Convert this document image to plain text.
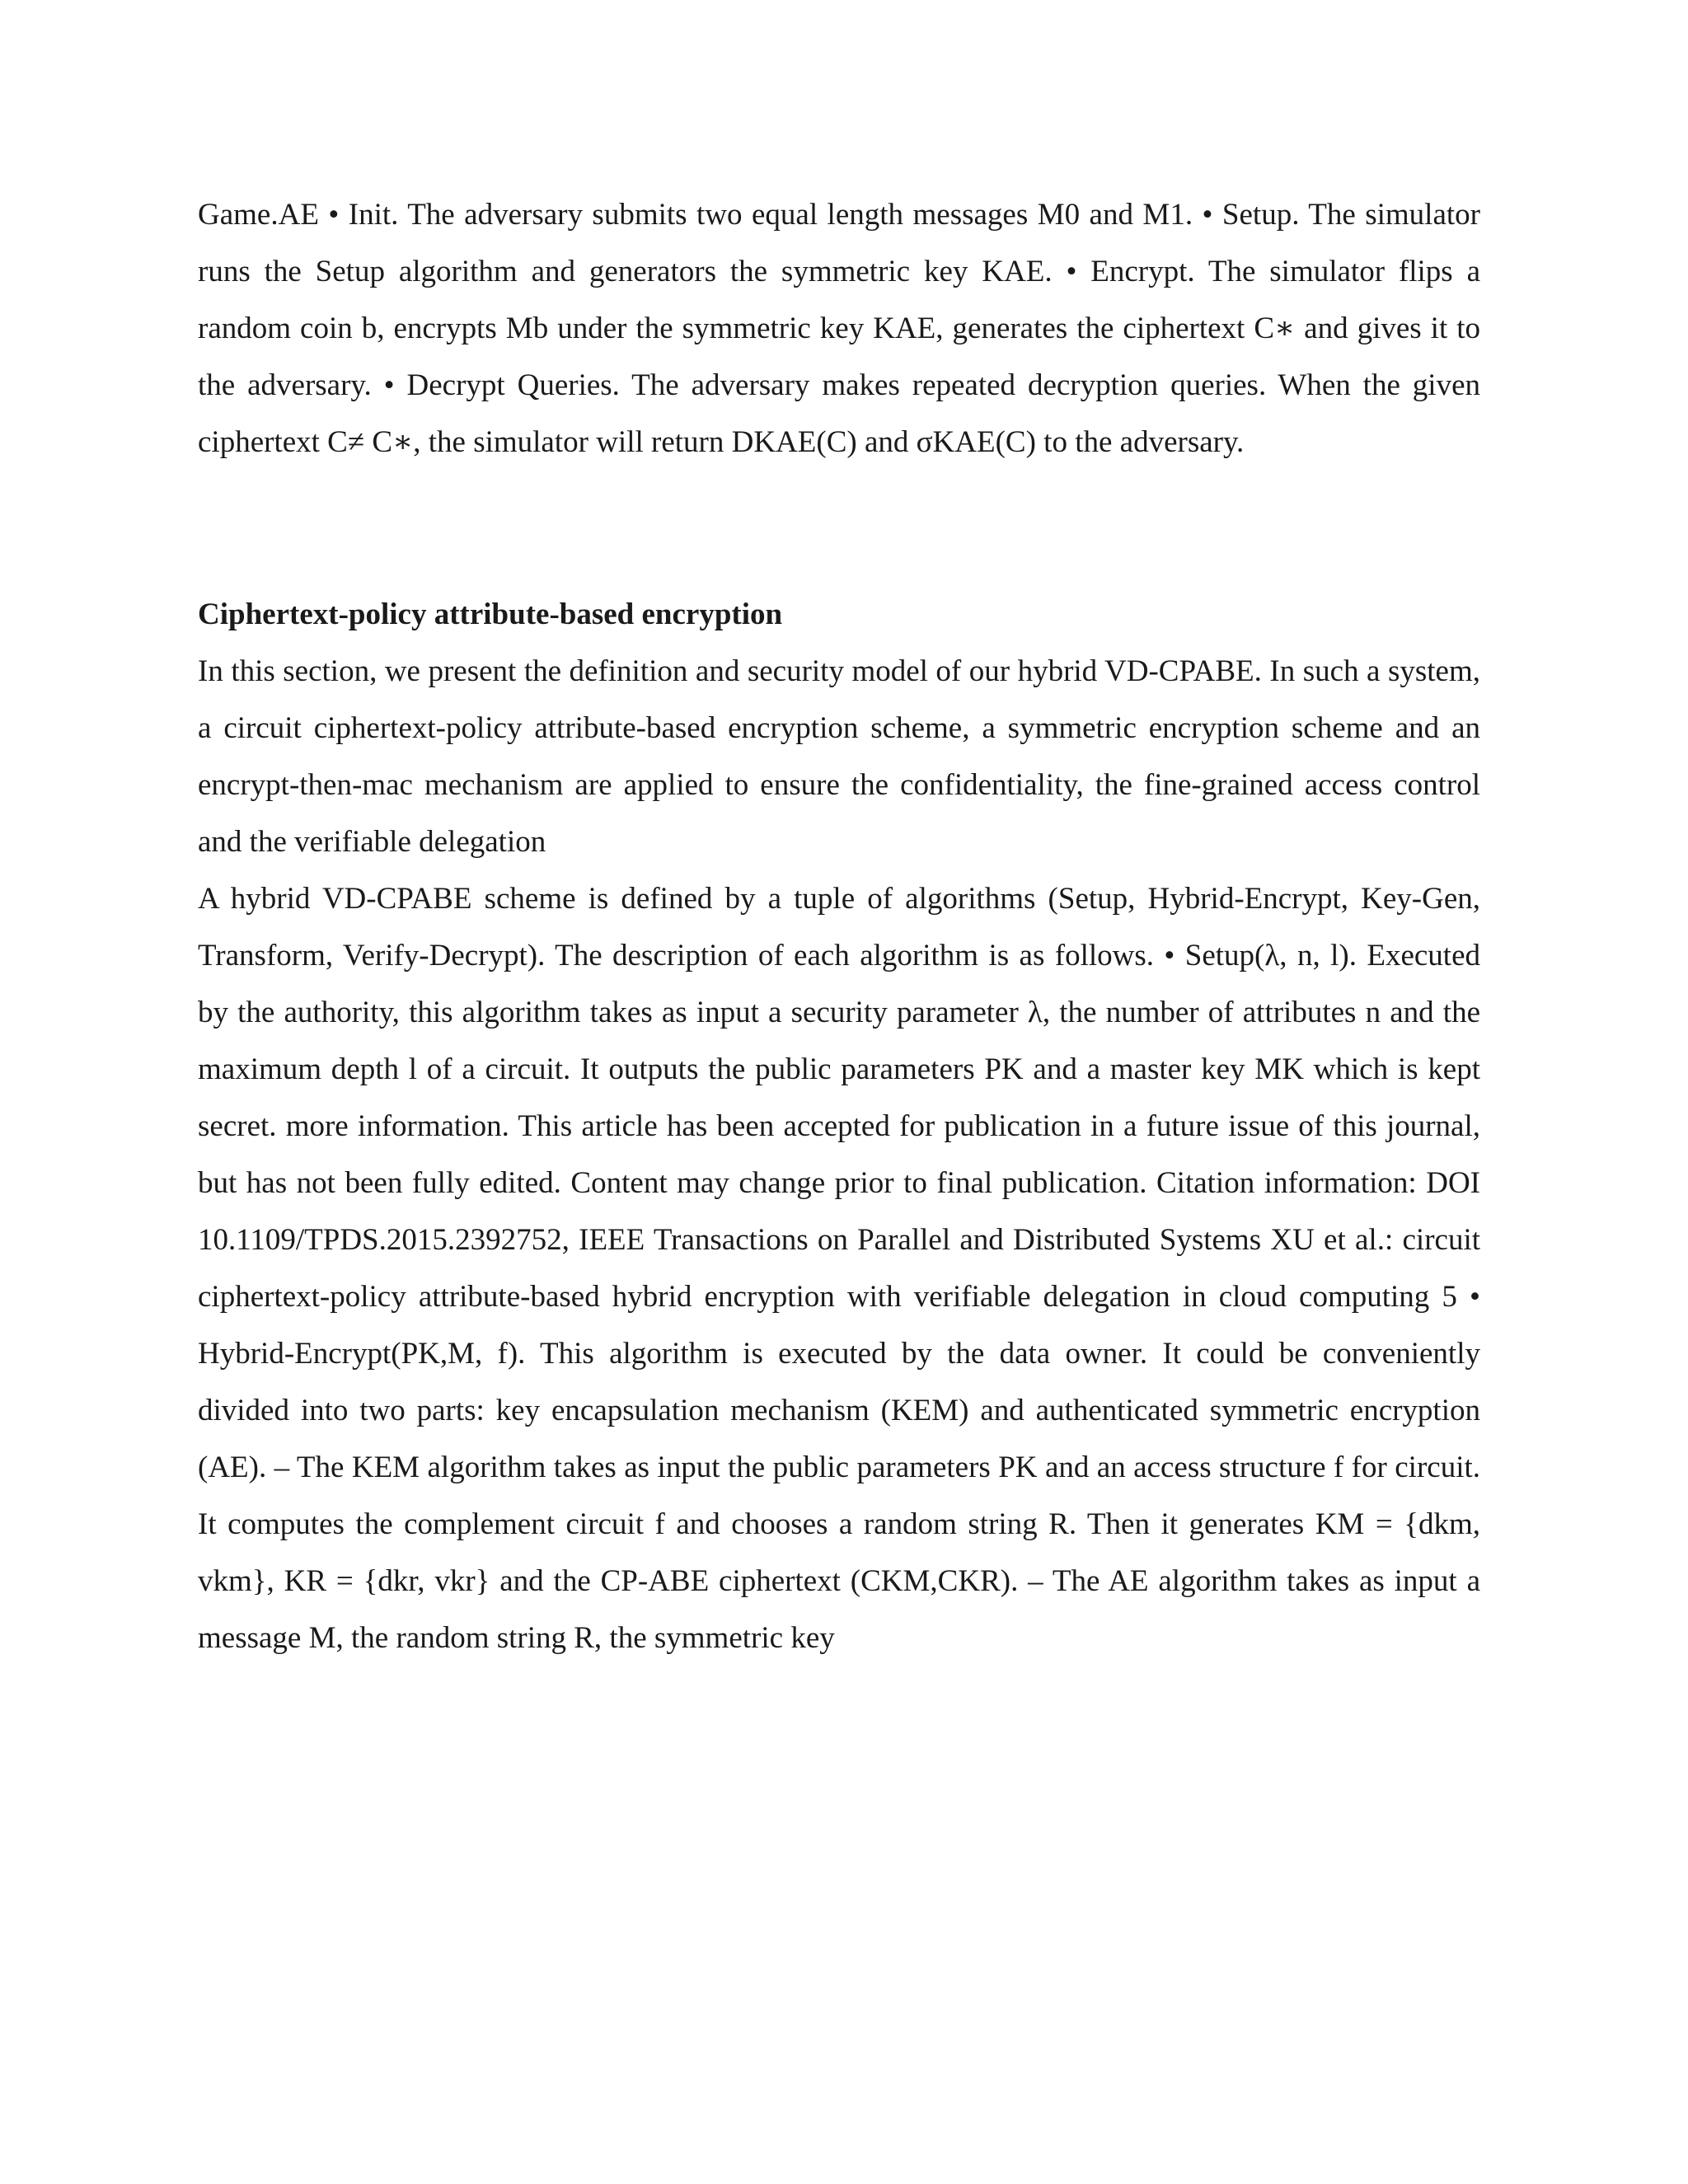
Game.AE • Init. The adversary submits two equal length messages M0 and M1. • Setup. The simulator runs the Setup algorithm and generators the symmetric key KAE. • Encrypt. The simulator flips a random coin b, encrypts Mb under the symmetric key KAE, generates the ciphertext C∗ and gives it to the adversary. • Decrypt Queries. The adversary makes repeated decryption queries. When the given ciphertext C≠ C∗, the simulator will return DKAE(C) and σKAE(C) to the adversary.

Ciphertext-policy attribute-based encryption

In this section, we present the definition and security model of our hybrid VD-CPABE. In such a system, a circuit ciphertext-policy attribute-based encryption scheme, a symmetric encryption scheme and an encrypt-then-mac mechanism are applied to ensure the confidentiality, the fine-grained access control and the verifiable delegation

A hybrid VD-CPABE scheme is defined by a tuple of algorithms (Setup, Hybrid-Encrypt, Key-Gen, Transform, Verify-Decrypt). The description of each algorithm is as follows. • Setup(λ, n, l). Executed by the authority, this algorithm takes as input a security parameter λ, the number of attributes n and the maximum depth l of a circuit. It outputs the public parameters PK and a master key MK which is kept secret. more information. This article has been accepted for publication in a future issue of this journal, but has not been fully edited. Content may change prior to final publication. Citation information: DOI 10.1109/TPDS.2015.2392752, IEEE Transactions on Parallel and Distributed Systems XU et al.: circuit ciphertext-policy attribute-based hybrid encryption with verifiable delegation in cloud computing 5 • Hybrid-Encrypt(PK,M, f). This algorithm is executed by the data owner. It could be conveniently divided into two parts: key encapsulation mechanism (KEM) and authenticated symmetric encryption (AE). – The KEM algorithm takes as input the public parameters PK and an access structure f for circuit. It computes the complement circuit f and chooses a random string R. Then it generates KM = {dkm, vkm}, KR = {dkr, vkr} and the CP-ABE ciphertext (CKM,CKR). – The AE algorithm takes as input a message M, the random string R, the symmetric key
